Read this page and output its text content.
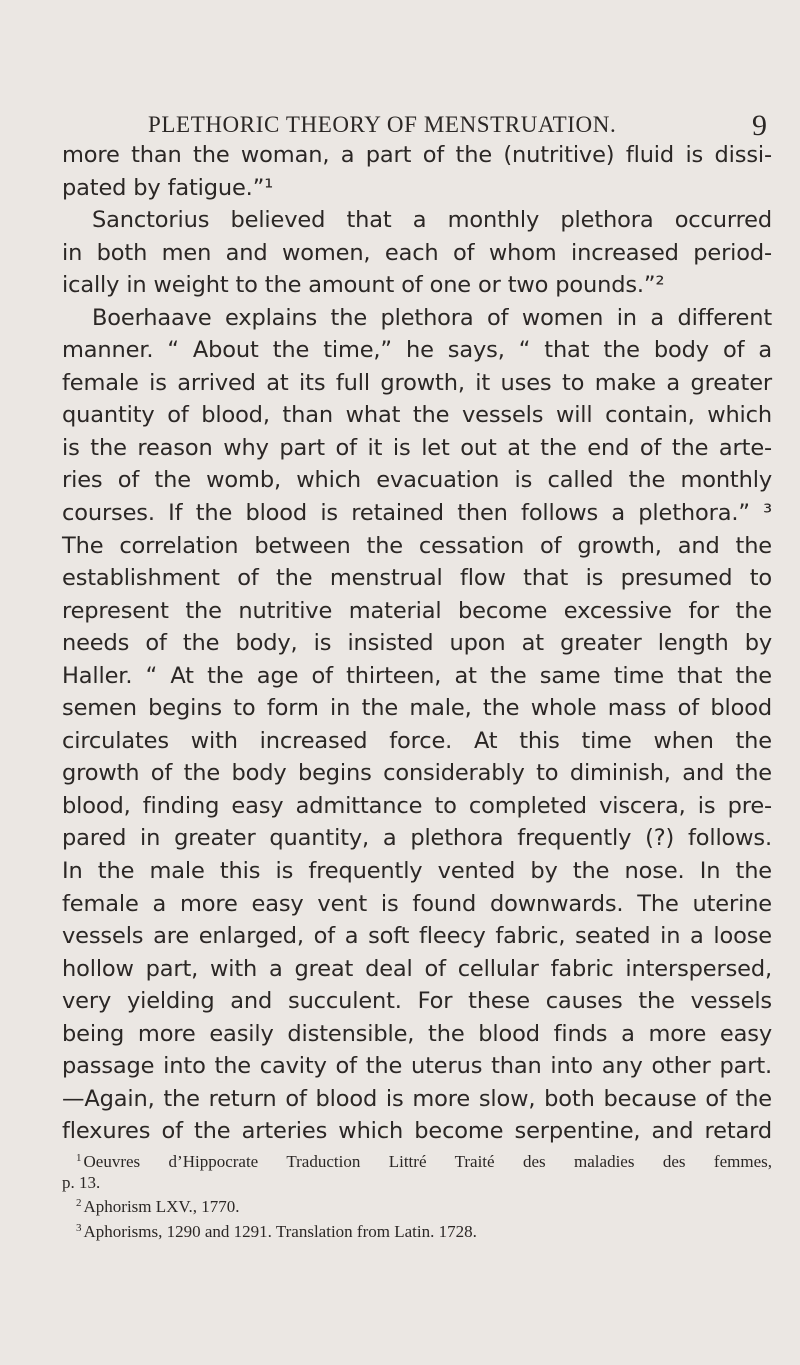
PLETHORIC THEORY OF MENSTRUATION.	9
more than the woman, a part of the (nutritive) fluid is dissi-
pated by fatigue.”¹
Sanctorius believed that a monthly plethora occurred
in both men and women, each of whom increased period-
ically in weight to the amount of one or two pounds.”²
Boerhaave explains the plethora of women in a different
manner. “ About the time,” he says, “ that the body of a
female is arrived at its full growth, it uses to make a greater
quantity of blood, than what the vessels will contain, which
is the reason why part of it is let out at the end of the arte-
ries of the womb, which evacuation is called the monthly
courses. If the blood is retained then follows a plethora.” ³
The correlation between the cessation of growth, and the
establishment of the menstrual flow that is presumed to
represent the nutritive material become excessive for the
needs of the body, is insisted upon at greater length by
Haller. “ At the age of thirteen, at the same time that the
semen begins to form in the male, the whole mass of blood
circulates with increased force. At this time when the
growth of the body begins considerably to diminish, and the
blood, finding easy admittance to completed viscera, is pre-
pared in greater quantity, a plethora frequently (?) follows.
In the male this is frequently vented by the nose. In the
female a more easy vent is found downwards. The uterine
vessels are enlarged, of a soft fleecy fabric, seated in a loose
hollow part, with a great deal of cellular fabric interspersed,
very yielding and succulent. For these causes the vessels
being more easily distensible, the blood finds a more easy
passage into the cavity of the uterus than into any other part.
—Again, the return of blood is more slow, both because of the
flexures of the arteries which become serpentine, and retard
$^1$ Oeuvres d’Hippocrate Traduction Littré Traité des maladies des femmes,
p. 13.
$^2$ Aphorism LXV., 1770.
$^3$ Aphorisms, 1290 and 1291. Translation from Latin. 1728.
